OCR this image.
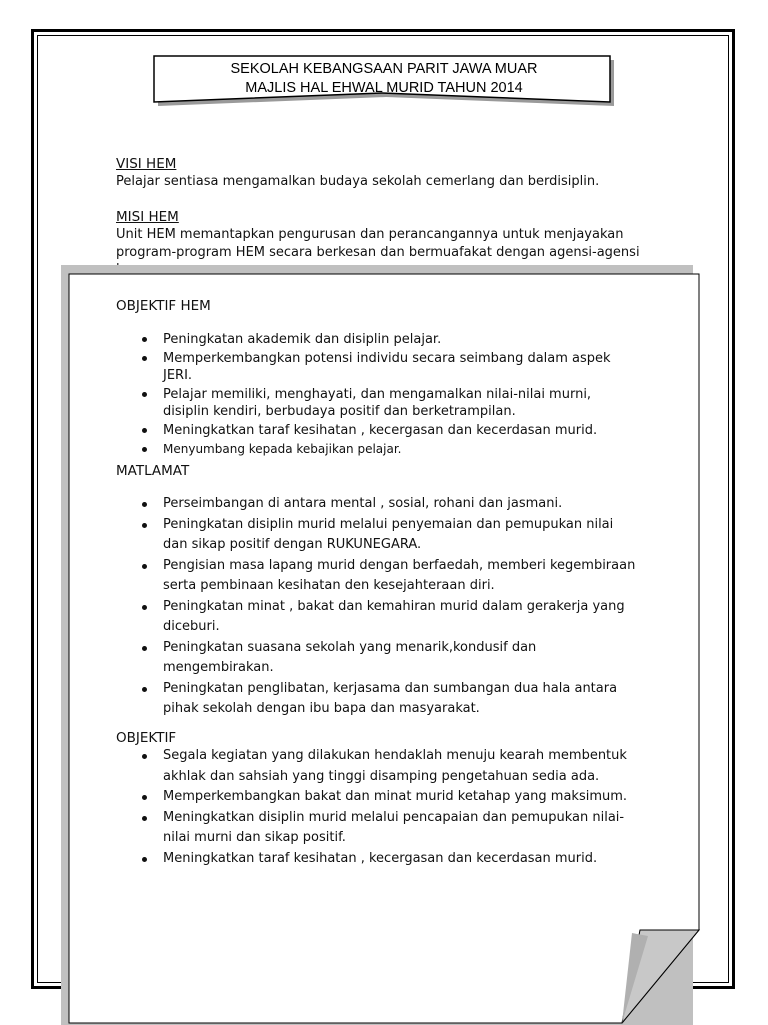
SEKOLAH KEBANGSAAN PARIT JAWA MUAR
MAJLIS HAL EHWAL MURID TAHUN 2014
VISI HEM

Pelajar sentiasa mengamalkan budaya sekolah cemerlang dan berdisiplin.

MISI HEM
Unit HEM memantapkan pengurusan dan perancangannya untuk menjayakan
program-program HEM secara berkesan dan bermuafakat dengan agensi-agensi
OBJEKTIF HEM
Peningkatan akademik dan disiplin pelajar.
Memperkembangkan potensi individu secara seimbang dalam aspek JERI.
Pelajar memiliki, menghayati, dan mengamalkan nilai-nilai murni, disiplin kendiri, berbudaya positif dan berketrampilan.
Meningkatkan taraf kesihatan , kecergasan dan kecerdasan murid.
Menyumbang kepada kebajikan pelajar.
MATLAMAT
Perseimbangan di antara mental , sosial, rohani dan jasmani.
Peningkatan disiplin murid melalui penyemaian dan pemupukan nilai dan sikap positif dengan RUKUNEGARA.
Pengisian masa lapang murid dengan berfaedah, memberi kegembiraan serta pembinaan kesihatan den kesejahteraan diri.
Peningkatan minat , bakat dan kemahiran murid dalam gerakerja yang diceburi.
Peningkatan suasana sekolah yang menarik,kondusif dan mengembirakan.
Peningkatan penglibatan, kerjasama dan sumbangan dua hala antara pihak sekolah dengan ibu bapa dan masyarakat.
OBJEKTIF
Segala kegiatan yang dilakukan hendaklah menuju kearah membentuk akhlak dan sahsiah yang tinggi disamping pengetahuan sedia ada.
Memperkembangkan bakat dan minat murid ketahap yang maksimum.
Meningkatkan disiplin murid melalui pencapaian dan pemupukan nilai-nilai murni dan sikap positif.
Meningkatkan taraf kesihatan , kecergasan dan kecerdasan murid.
